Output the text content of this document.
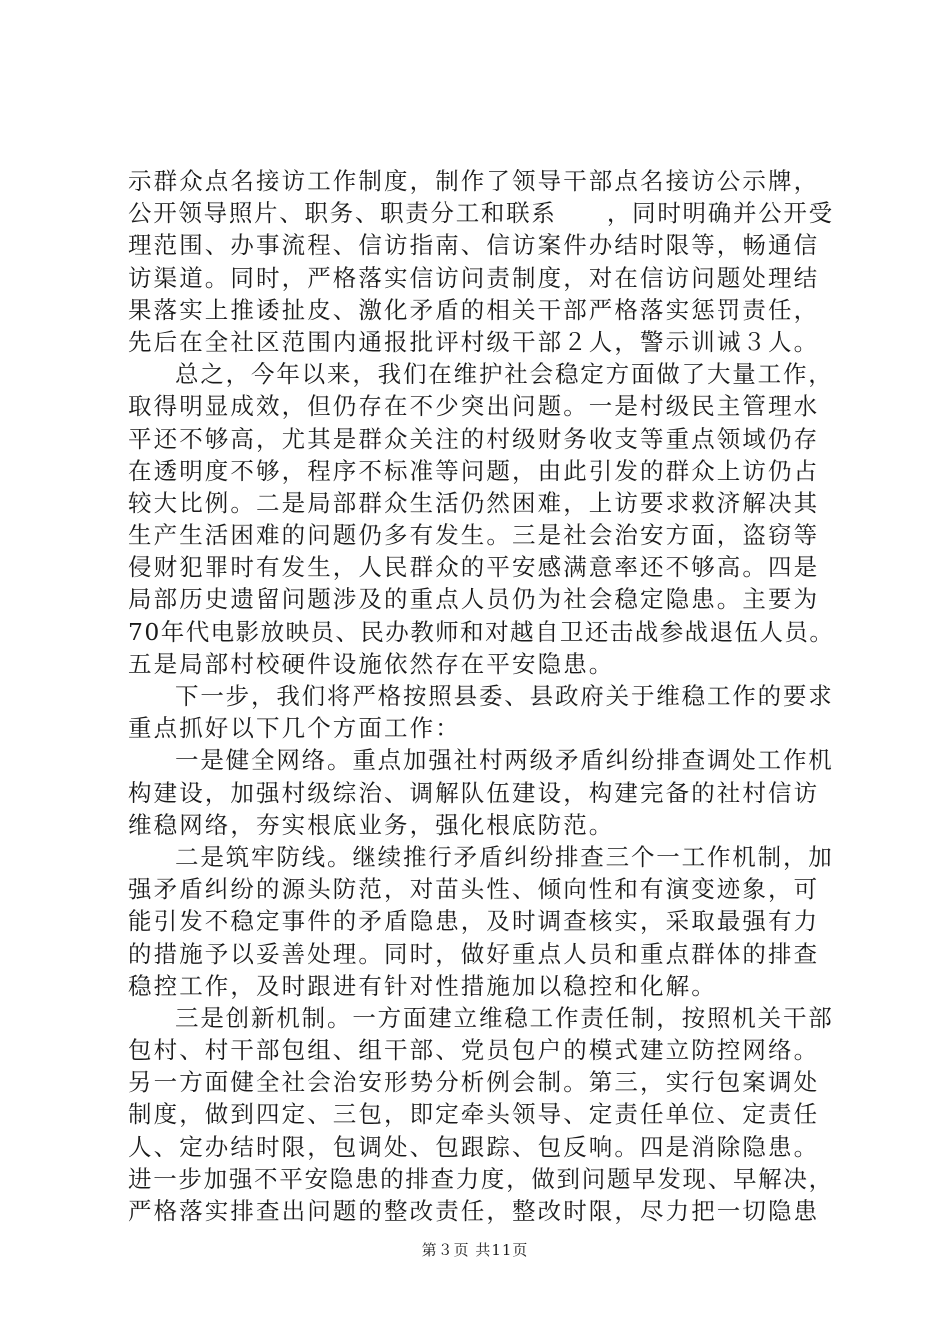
示群众点名接访工作制度，制作了领导干部点名接访公示牌，
公开领导照片、职务、职责分工和联系　　，同时明确并公开受
理范围、办事流程、信访指南、信访案件办结时限等，畅通信
访渠道。同时，严格落实信访问责制度，对在信访问题处理结
果落实上推诿扯皮、激化矛盾的相关干部严格落实惩罚责任，
先后在全社区范围内通报批评村级干部２人，警示训诫３人。
总之，今年以来，我们在维护社会稳定方面做了大量工作，
取得明显成效，但仍存在不少突出问题。一是村级民主管理水
平还不够高，尤其是群众关注的村级财务收支等重点领域仍存
在透明度不够，程序不标准等问题，由此引发的群众上访仍占
较大比例。二是局部群众生活仍然困难，上访要求救济解决其
生产生活困难的问题仍多有发生。三是社会治安方面，盗窃等
侵财犯罪时有发生，人民群众的平安感满意率还不够高。四是
局部历史遗留问题涉及的重点人员仍为社会稳定隐患。主要为
70年代电影放映员、民办教师和对越自卫还击战参战退伍人员。
五是局部村校硬件设施依然存在平安隐患。
下一步，我们将严格按照县委、县政府关于维稳工作的要求
重点抓好以下几个方面工作：
一是健全网络。重点加强社村两级矛盾纠纷排查调处工作机
构建设，加强村级综治、调解队伍建设，构建完备的社村信访
维稳网络，夯实根底业务，强化根底防范。
二是筑牢防线。继续推行矛盾纠纷排查三个一工作机制，加
强矛盾纠纷的源头防范，对苗头性、倾向性和有演变迹象，可
能引发不稳定事件的矛盾隐患，及时调查核实，采取最强有力
的措施予以妥善处理。同时，做好重点人员和重点群体的排查
稳控工作，及时跟进有针对性措施加以稳控和化解。
三是创新机制。一方面建立维稳工作责任制，按照机关干部
包村、村干部包组、组干部、党员包户的模式建立防控网络。
另一方面健全社会治安形势分析例会制。第三，实行包案调处
制度，做到四定、三包，即定牵头领导、定责任单位、定责任
人、定办结时限，包调处、包跟踪、包反响。四是消除隐患。
进一步加强不平安隐患的排查力度，做到问题早发现、早解决，
严格落实排查出问题的整改责任，整改时限，尽力把一切隐患
第３页 共11页
